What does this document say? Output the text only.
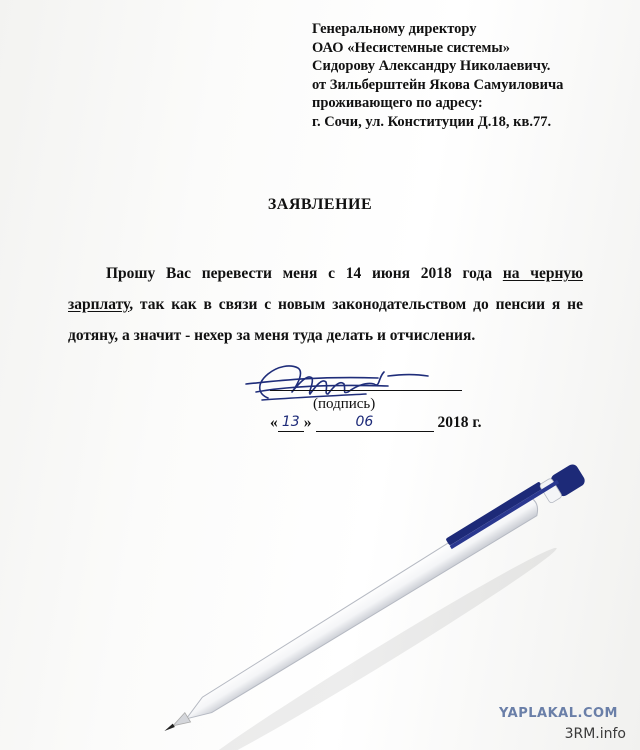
Генеральному директору
ОАО «Несистемные системы»
Сидорову Александру Николаевичу.
от Зильберштейн Якова Самуиловича
проживающего по адресу:
г. Сочи, ул. Конституции Д.18, кв.77.
ЗАЯВЛЕНИЕ
Прошу Вас перевести меня с 14 июня 2018 года на черную зарплату, так как в связи с новым законодательством до пенсии я не дотяну, а значит - нехер за меня туда делать и отчисления.
(подпись)
« 13 »	06	2018 г.
YAPLAKAL.COM
3RM.info
